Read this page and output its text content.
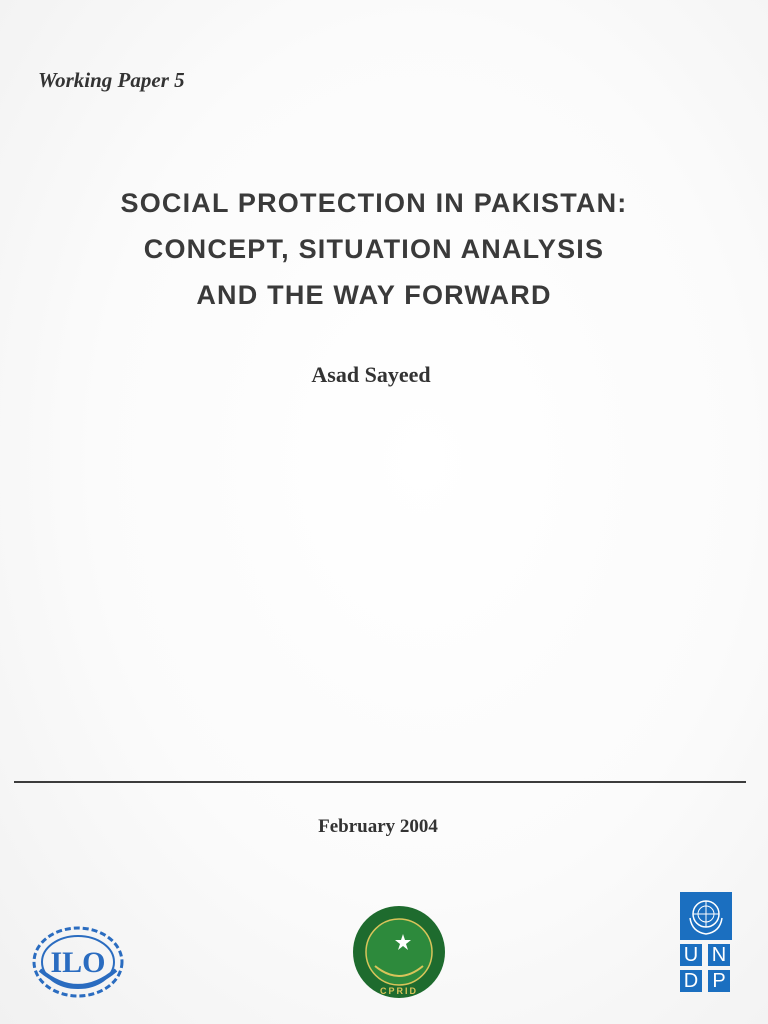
Working Paper 5
SOCIAL PROTECTION IN PAKISTAN:
CONCEPT, SITUATION ANALYSIS
AND THE WAY FORWARD
Asad Sayeed
February 2004
ILO
CPRID
U N
D P
